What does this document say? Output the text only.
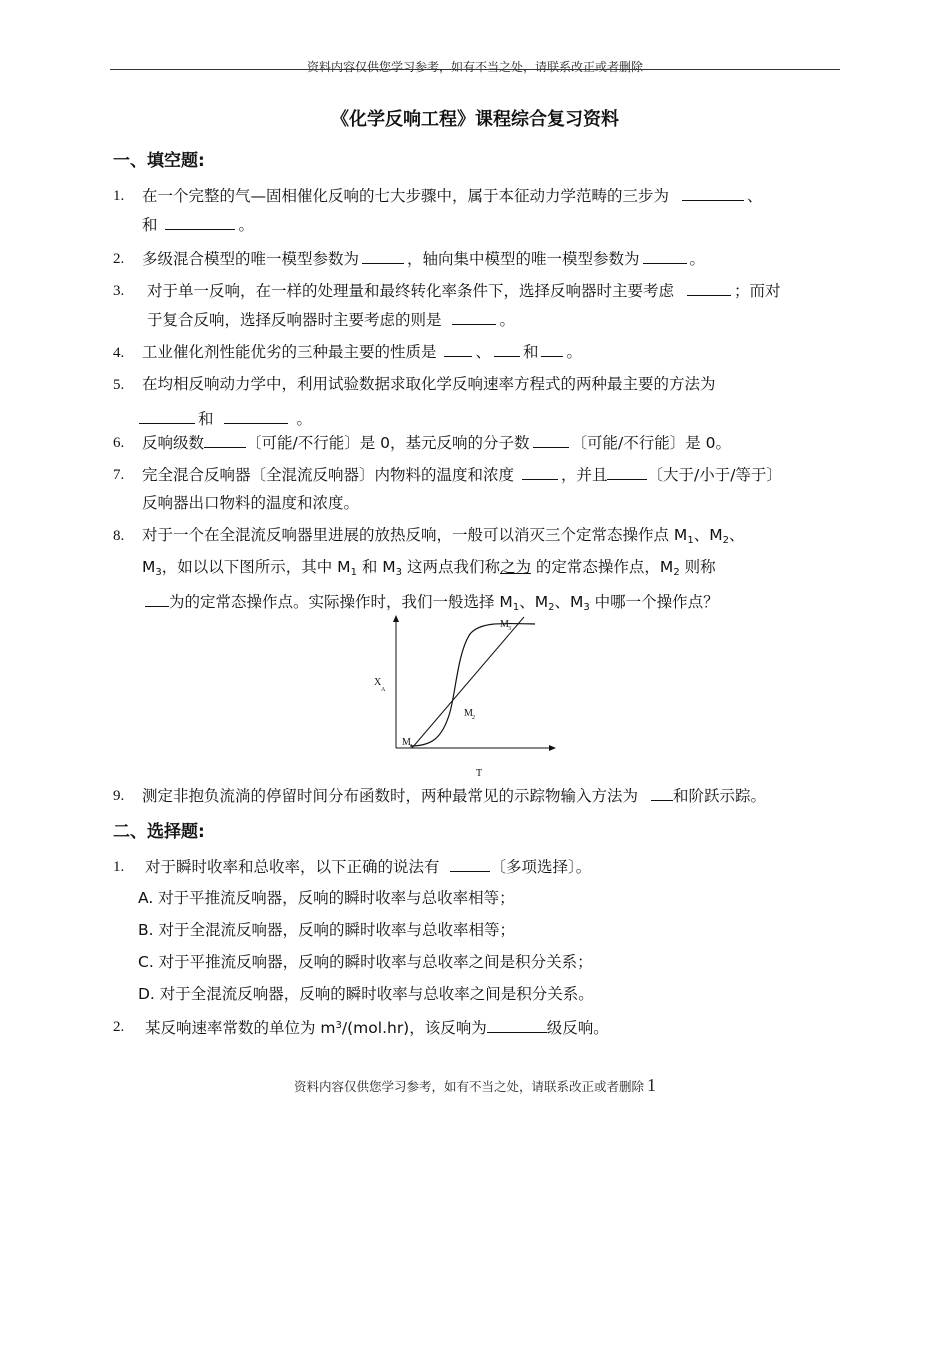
资料内容仅供您学习参考，如有不当之处，请联系改正或者删除
《化学反响工程》课程综合复习资料
一、填空题:
1. 在一个完整的气—固相催化反响的七大步骤中，属于本征动力学范畴的三步为	、
和	。
2. 多级混合模型的唯一模型参数为	，轴向集中模型的唯一模型参数为	。
3. 对于单一反响，在一样的处理量和最终转化率条件下，选择反响器时主要考虑	；而对
于复合反响，选择反响器时主要考虑的则是	。
4. 工业催化剂性能优劣的三种最主要的性质是	、 和 。
5. 在均相反响动力学中，利用试验数据求取化学反响速率方程式的两种最主要的方法为
和	。
6. 反响级数	〔可能/不行能〕是 0，基元反响的分子数	〔可能/不行能〕是 0。
7. 完全混合反响器〔全混流反响器〕内物料的温度和浓度	，并且	〔大于/小于/等于〕
反响器出口物料的温度和浓度。
8. 对于一个在全混流反响器里进展的放热反响，一般可以消灭三个定常态操作点 $M_1$、$M_2$、
$M_3$，如以以下图所示，其中 $M_1$ 和 $M_3$ 这两点我们称之为 的定常态操作点，$M_2$ 则称
为的定常态操作点。实际操作时，我们一般选择 $M_1$、$M_2$、$M_3$ 中哪一个操作点？
X
A
T
M 1
M 2
M 3
9. 测定非抱负流淌的停留时间分布函数时，两种最常见的示踪物输入方法为 和阶跃示踪。
二、选择题:
1. 对于瞬时收率和总收率，以下正确的说法有	〔多项选择〕。
A. 对于平推流反响器，反响的瞬时收率与总收率相等；
B. 对于全混流反响器，反响的瞬时收率与总收率相等；
C. 对于平推流反响器，反响的瞬时收率与总收率之间是积分关系；
D. 对于全混流反响器，反响的瞬时收率与总收率之间是积分关系。
2. 某反响速率常数的单位为 $m^3/(mol.hr)$，该反响为	级反响。
资料内容仅供您学习参考，如有不当之处，请联系改正或者删除 1
